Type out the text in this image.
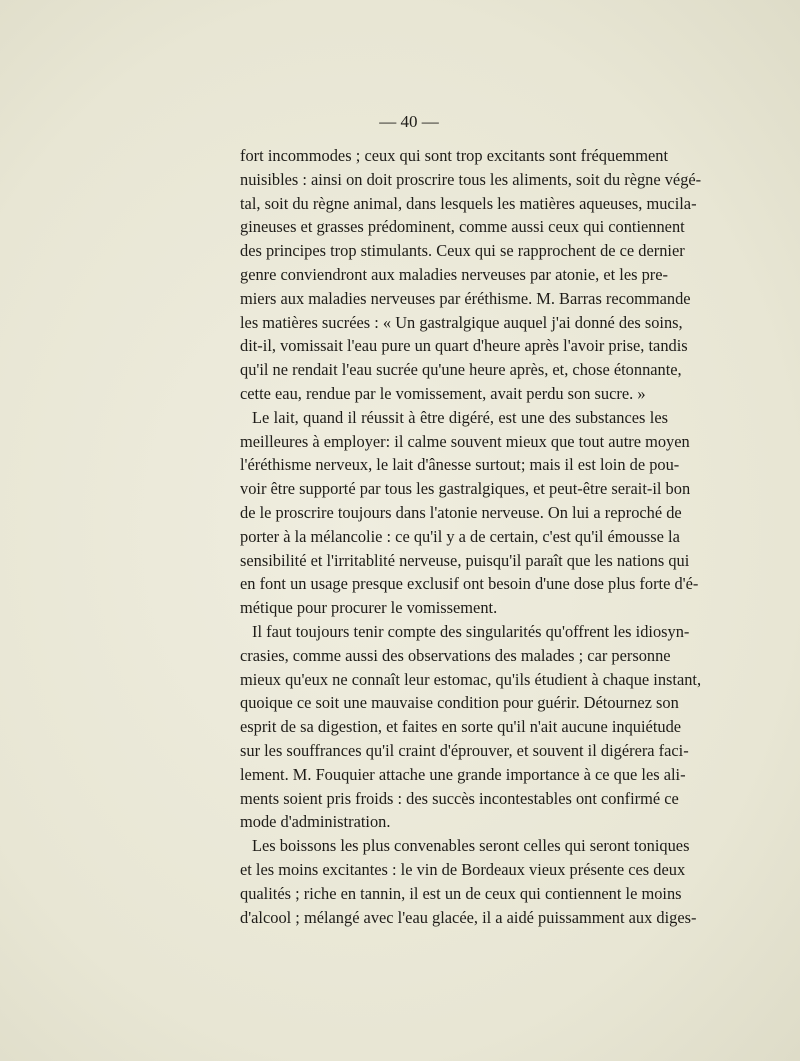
— 40 —
fort incommodes ; ceux qui sont trop excitants sont fréquemment
nuisibles : ainsi on doit proscrire tous les aliments, soit du règne végé-
tal, soit du règne animal, dans lesquels les matières aqueuses, mucila-
gineuses et grasses prédominent, comme aussi ceux qui contiennent
des principes trop stimulants. Ceux qui se rapprochent de ce dernier
genre conviendront aux maladies nerveuses par atonie, et les pre-
miers aux maladies nerveuses par éréthisme. M. Barras recommande
les matières sucrées : « Un gastralgique auquel j'ai donné des soins,
dit-il, vomissait l'eau pure un quart d'heure après l'avoir prise, tandis
qu'il ne rendait l'eau sucrée qu'une heure après, et, chose étonnante,
cette eau, rendue par le vomissement, avait perdu son sucre. »
Le lait, quand il réussit à être digéré, est une des substances les
meilleures à employer: il calme souvent mieux que tout autre moyen
l'éréthisme nerveux, le lait d'ânesse surtout; mais il est loin de pou-
voir être supporté par tous les gastralgiques, et peut-être serait-il bon
de le proscrire toujours dans l'atonie nerveuse. On lui a reproché de
porter à la mélancolie : ce qu'il y a de certain, c'est qu'il émousse la
sensibilité et l'irritablité nerveuse, puisqu'il paraît que les nations qui
en font un usage presque exclusif ont besoin d'une dose plus forte d'é-
métique pour procurer le vomissement.
Il faut toujours tenir compte des singularités qu'offrent les idiosyn-
crasies, comme aussi des observations des malades ; car personne
mieux qu'eux ne connaît leur estomac, qu'ils étudient à chaque instant,
quoique ce soit une mauvaise condition pour guérir. Détournez son
esprit de sa digestion, et faites en sorte qu'il n'ait aucune inquiétude
sur les souffrances qu'il craint d'éprouver, et souvent il digérera faci-
lement. M. Fouquier attache une grande importance à ce que les ali-
ments soient pris froids : des succès incontestables ont confirmé ce
mode d'administration.
Les boissons les plus convenables seront celles qui seront toniques
et les moins excitantes : le vin de Bordeaux vieux présente ces deux
qualités ; riche en tannin, il est un de ceux qui contiennent le moins
d'alcool ; mélangé avec l'eau glacée, il a aidé puissamment aux diges-
